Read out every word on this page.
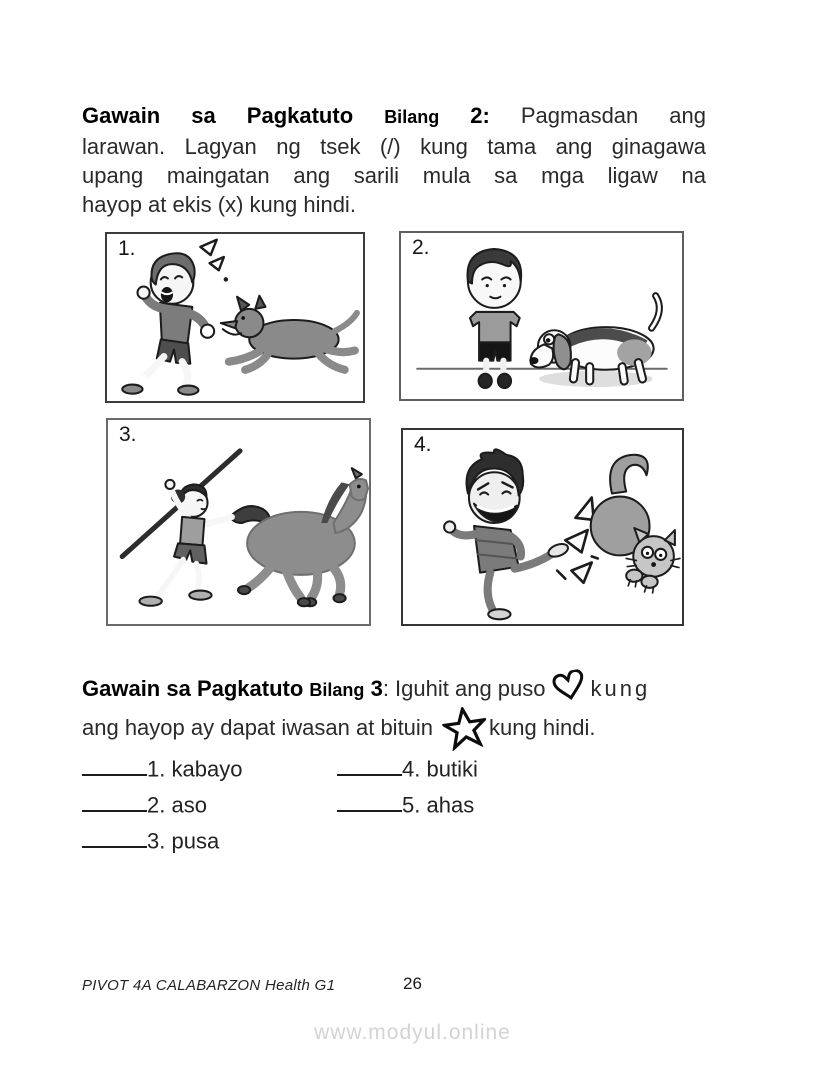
Gawain sa Pagkatuto Bilang 2: Pagmasdan ang
larawan. Lagyan ng tsek (/) kung tama ang ginagawa
upang maingatan ang sarili mula sa mga ligaw na
hayop at ekis (x) kung hindi.
1.	2.
3.	4.
Gawain sa Pagkatuto Bilang 3: Iguhit ang puso kung
ang hayop ay dapat iwasan at bituin	kung hindi.
1. kabayo
2. aso
3. pusa
4. butiki
5. ahas
PIVOT 4A CALABARZON Health G1	26
www.modyul.online
